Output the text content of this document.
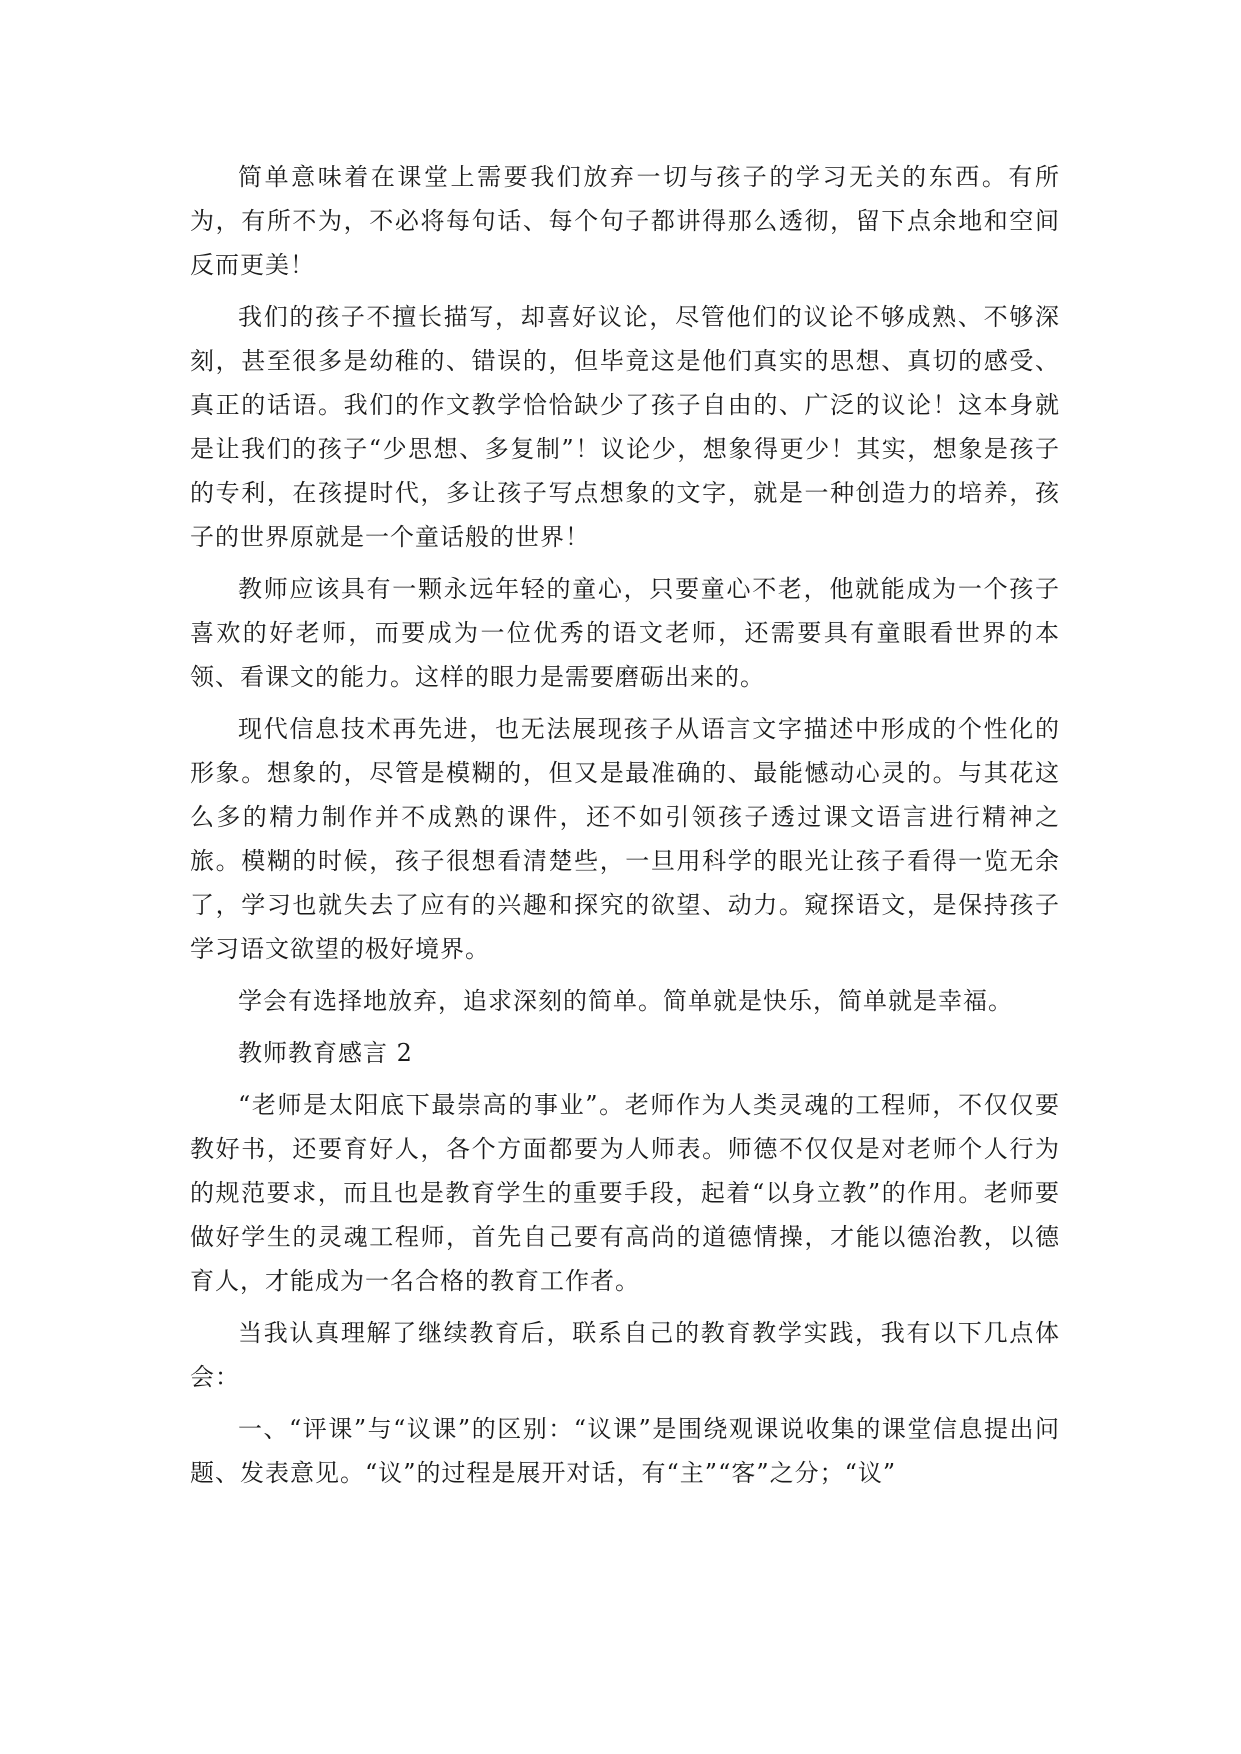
简单意味着在课堂上需要我们放弃一切与孩子的学习无关的东西。有所为，有所不为，不必将每句话、每个句子都讲得那么透彻，留下点余地和空间反而更美！

我们的孩子不擅长描写，却喜好议论，尽管他们的议论不够成熟、不够深刻，甚至很多是幼稚的、错误的，但毕竟这是他们真实的思想、真切的感受、真正的话语。我们的作文教学恰恰缺少了孩子自由的、广泛的议论！这本身就是让我们的孩子“少思想、多复制”！议论少，想象得更少！其实，想象是孩子的专利，在孩提时代，多让孩子写点想象的文字，就是一种创造力的培养，孩子的世界原就是一个童话般的世界！

教师应该具有一颗永远年轻的童心，只要童心不老，他就能成为一个孩子喜欢的好老师，而要成为一位优秀的语文老师，还需要具有童眼看世界的本领、看课文的能力。这样的眼力是需要磨砺出来的。

现代信息技术再先进，也无法展现孩子从语言文字描述中形成的个性化的形象。想象的，尽管是模糊的，但又是最准确的、最能憾动心灵的。与其花这么多的精力制作并不成熟的课件，还不如引领孩子透过课文语言进行精神之旅。模糊的时候，孩子很想看清楚些，一旦用科学的眼光让孩子看得一览无余了，学习也就失去了应有的兴趣和探究的欲望、动力。窥探语文，是保持孩子学习语文欲望的极好境界。

学会有选择地放弃，追求深刻的简单。简单就是快乐，简单就是幸福。

教师教育感言 2

“老师是太阳底下最崇高的事业”。老师作为人类灵魂的工程师，不仅仅要教好书，还要育好人，各个方面都要为人师表。师德不仅仅是对老师个人行为的规范要求，而且也是教育学生的重要手段，起着“以身立教”的作用。老师要做好学生的灵魂工程师，首先自己要有高尚的道德情操，才能以德治教，以德育人，才能成为一名合格的教育工作者。

当我认真理解了继续教育后，联系自己的教育教学实践，我有以下几点体会：

一、“评课”与“议课”的区别：“议课”是围绕观课说收集的课堂信息提出问题、发表意见。“议”的过程是展开对话，有“主”“客”之分；“议”
